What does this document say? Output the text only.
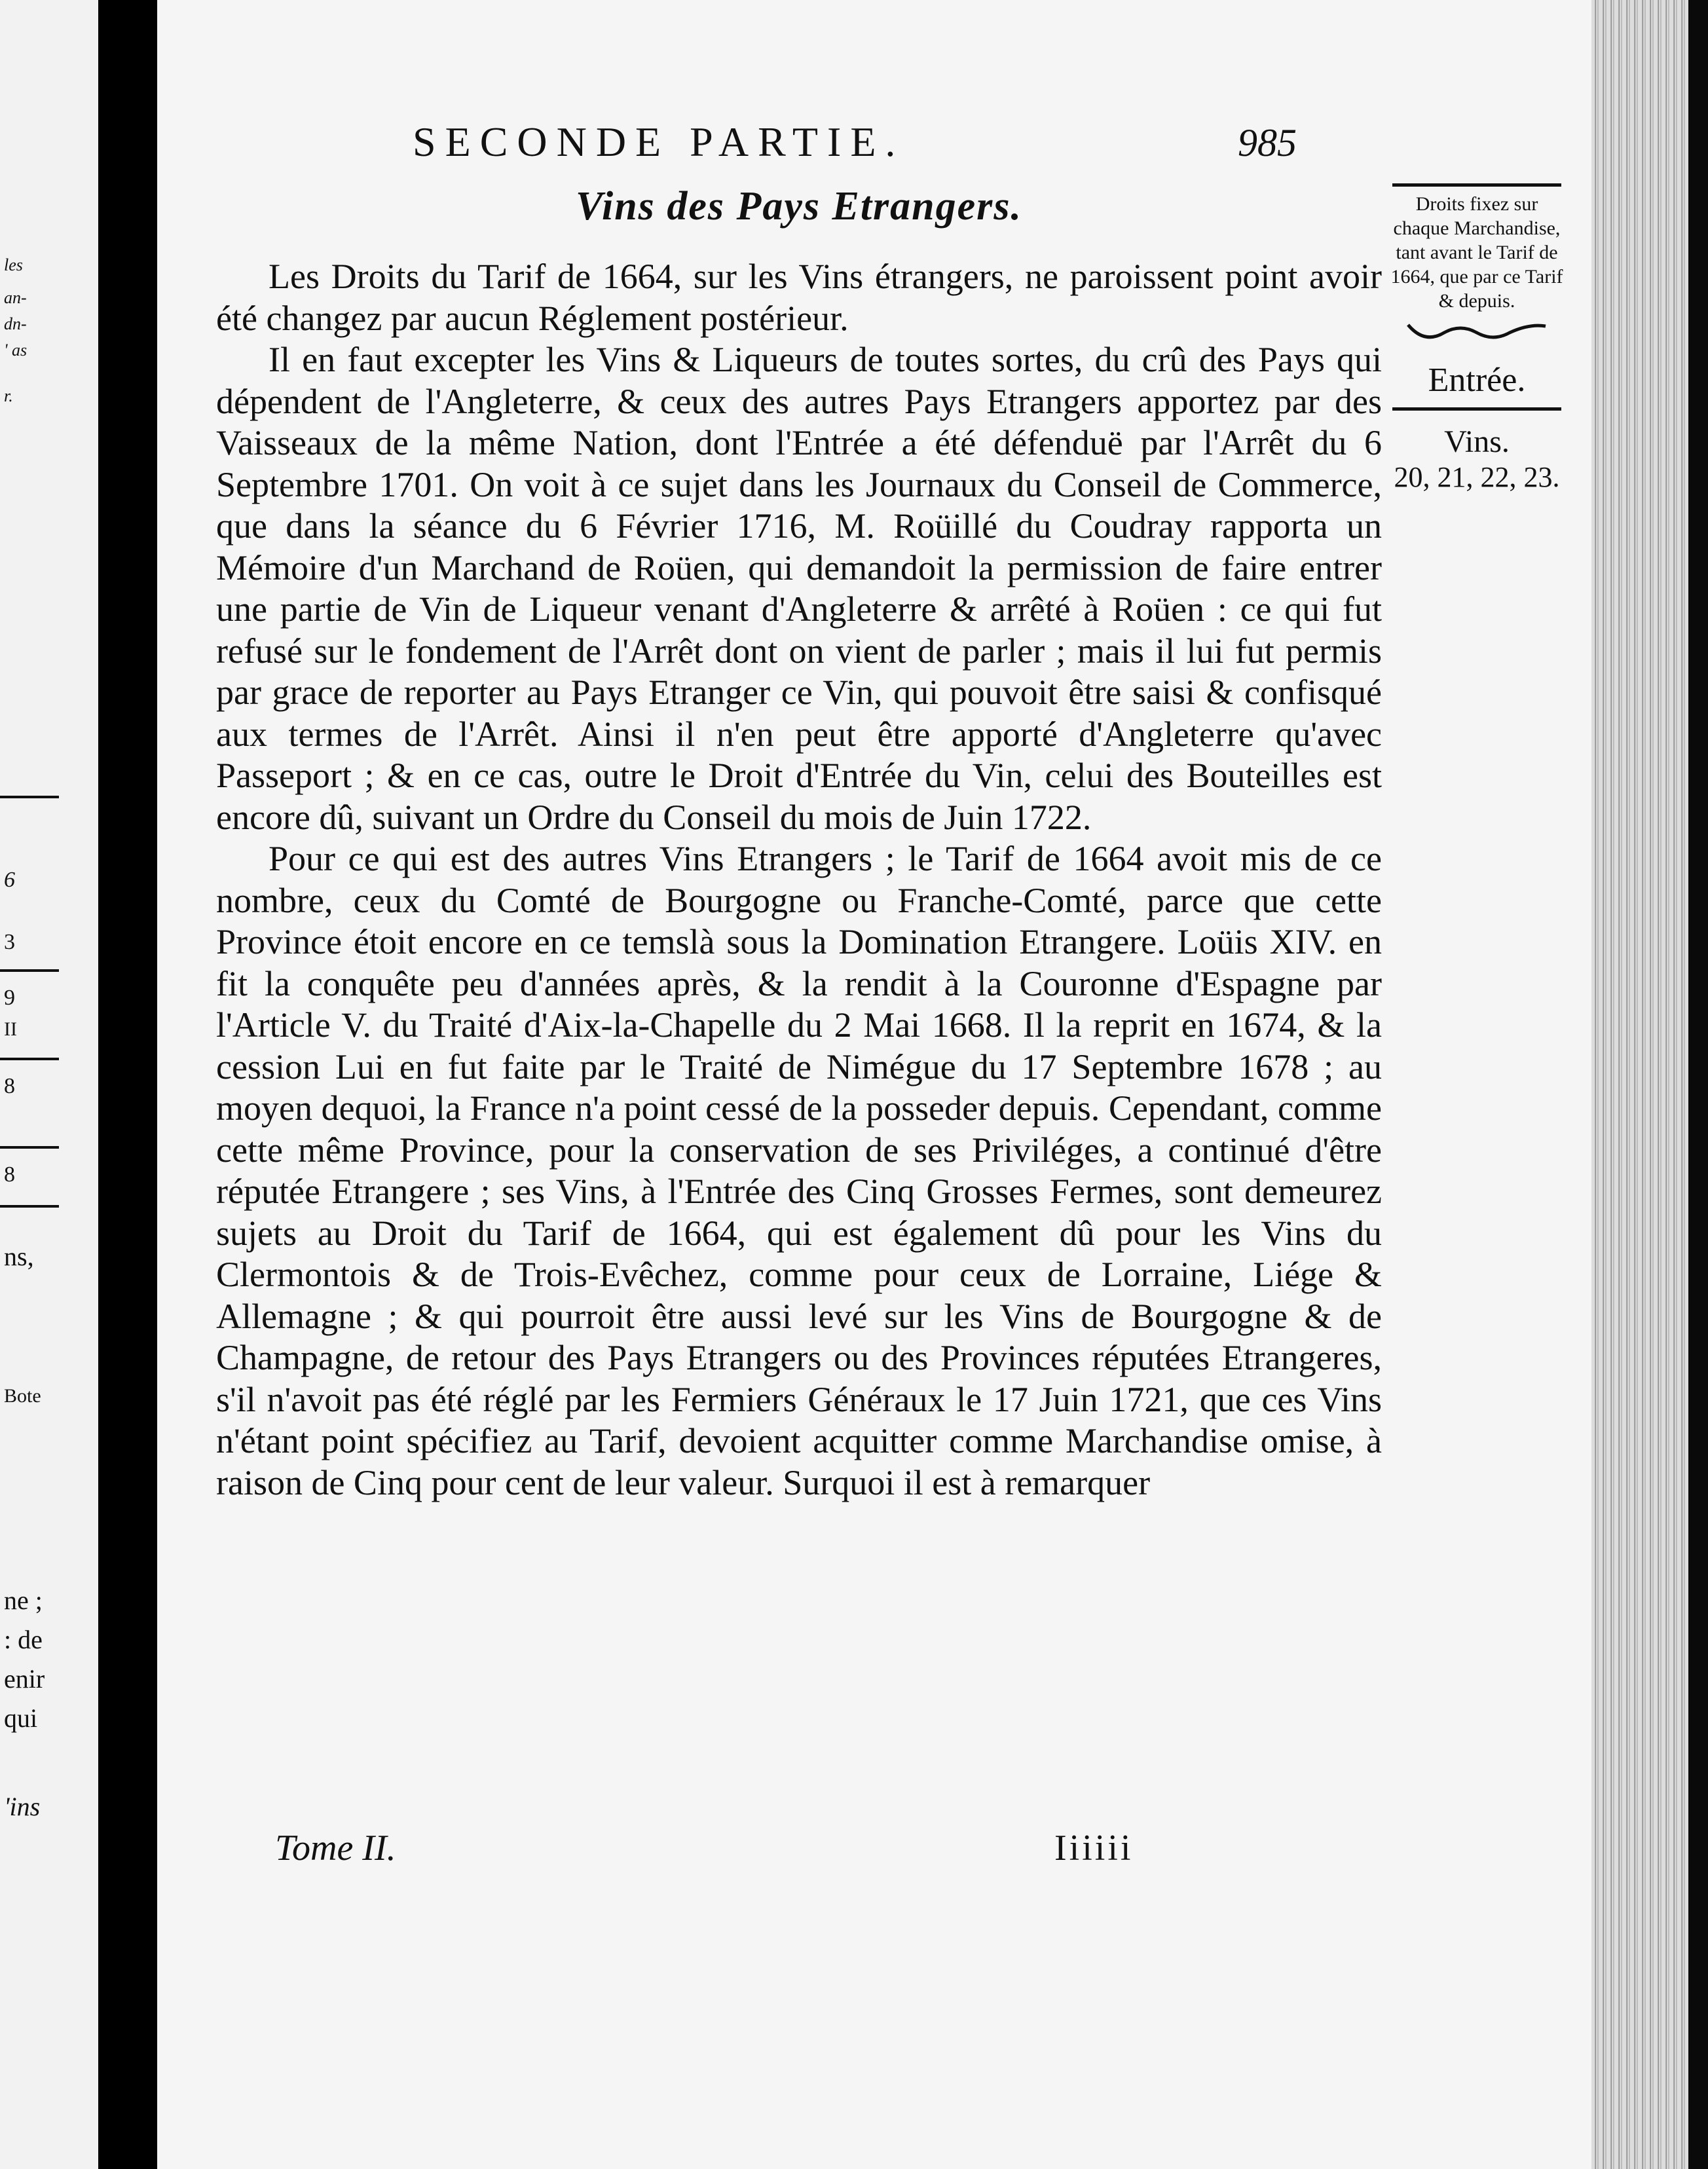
les
an-
dn-
' as
r.
6
3
9
II
8
8
ns,
Bote
ne ;
: de
enir
qui
'ins
SECONDE PARTIE.	985
Vins des Pays Etrangers.

Les Droits du Tarif de 1664, sur les Vins étrangers, ne paroissent point avoir été changez par aucun Réglement postérieur.

Il en faut excepter les Vins & Liqueurs de toutes sortes, du crû des Pays qui dépendent de l'Angleterre, & ceux des autres Pays Etrangers apportez par des Vaisseaux de la même Nation, dont l'Entrée a été défenduë par l'Arrêt du 6 Septembre 1701. On voit à ce sujet dans les Journaux du Conseil de Commerce, que dans la séance du 6 Février 1716, M. Roüillé du Coudray rapporta un Mémoire d'un Marchand de Roüen, qui demandoit la permission de faire entrer une partie de Vin de Liqueur venant d'Angleterre & arrêté à Roüen : ce qui fut refusé sur le fondement de l'Arrêt dont on vient de parler ; mais il lui fut permis par grace de reporter au Pays Etranger ce Vin, qui pouvoit être saisi & confisqué aux termes de l'Arrêt. Ainsi il n'en peut être apporté d'Angleterre qu'avec Passeport ; & en ce cas, outre le Droit d'Entrée du Vin, celui des Bouteilles est encore dû, suivant un Ordre du Conseil du mois de Juin 1722.

Pour ce qui est des autres Vins Etrangers ; le Tarif de 1664 avoit mis de ce nombre, ceux du Comté de Bourgogne ou Franche-Comté, parce que cette Province étoit encore en ce temslà sous la Domination Etrangere. Loüis XIV. en fit la conquête peu d'années après, & la rendit à la Couronne d'Espagne par l'Article V. du Traité d'Aix-la-Chapelle du 2 Mai 1668. Il la reprit en 1674, & la cession Lui en fut faite par le Traité de Nimégue du 17 Septembre 1678 ; au moyen dequoi, la France n'a point cessé de la posseder depuis. Cependant, comme cette même Province, pour la conservation de ses Priviléges, a continué d'être réputée Etrangere ; ses Vins, à l'Entrée des Cinq Grosses Fermes, sont demeurez sujets au Droit du Tarif de 1664, qui est également dû pour les Vins du Clermontois & de Trois-Evêchez, comme pour ceux de Lorraine, Liége & Allemagne ; & qui pourroit être aussi levé sur les Vins de Bourgogne & de Champagne, de retour des Pays Etrangers ou des Provinces réputées Etrangeres, s'il n'avoit pas été réglé par les Fermiers Généraux le 17 Juin 1721, que ces Vins n'étant point spécifiez au Tarif, devoient acquitter comme Marchandise omise, à raison de Cinq pour cent de leur valeur. Surquoi il est à remarquer

Tome II.	Iiiiii
Droits fixez sur chaque Marchandise, tant avant le Tarif de 1664, que par ce Tarif & depuis.
Entrée.
Vins.
20, 21, 22, 23.
